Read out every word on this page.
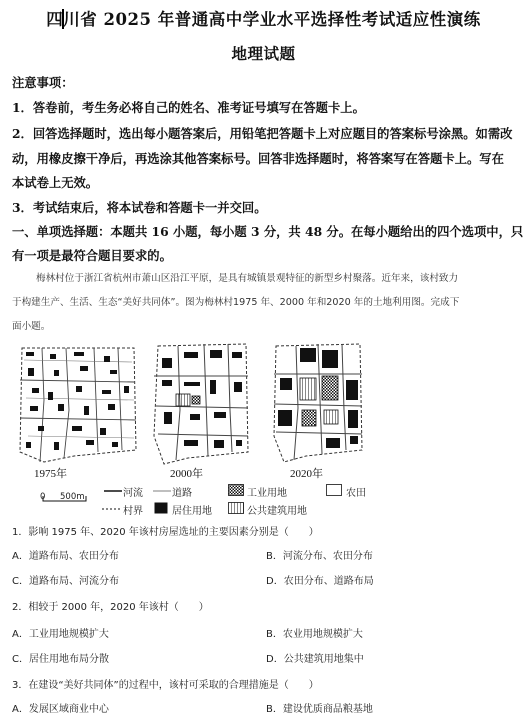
四川省 2025 年普通高中学业水平选择性考试适应性演练
地理试题
注意事项：
1．答卷前，考生务必将自己的姓名、准考证号填写在答题卡上。
2．回答选择题时，选出每小题答案后，用铅笔把答题卡上对应题目的答案标号涂黑。如需改
动，用橡皮擦干净后，再选涂其他答案标号。回答非选择题时，将答案写在答题卡上。写在
本试卷上无效。
3．考试结束后，将本试卷和答题卡一并交回。
一、单项选择题：本题共 16 小题，每小题 3 分，共 48 分。在每小题给出的四个选项中，只
有一项是最符合题目要求的。
梅林村位于浙江省杭州市萧山区沿江平原，是具有城镇景观特征的新型乡村聚落。近年来，该村致力
于构建生产、生活、生态“美好共同体”。图为梅林村1975 年、2000 年和2020 年的土地利用图。完成下
面小题。
1975年	2000年	2020年
0 500m	河流	道路	工业用地	农田
村界	居住用地	公共建筑用地
1．影响 1975 年、2020 年该村房屋选址的主要因素分别是（　　）
A．道路布局、农田分布	B．河流分布、农田分布
C．道路布局、河流分布	D．农田分布、道路布局
2．相较于 2000 年，2020 年该村（　　）
A．工业用地规模扩大	B．农业用地规模扩大
C．居住用地布局分散	D．公共建筑用地集中
3．在建设“美好共同体”的过程中，该村可采取的合理措施是（　　）
A．发展区域商业中心	B．建设优质商品粮基地
